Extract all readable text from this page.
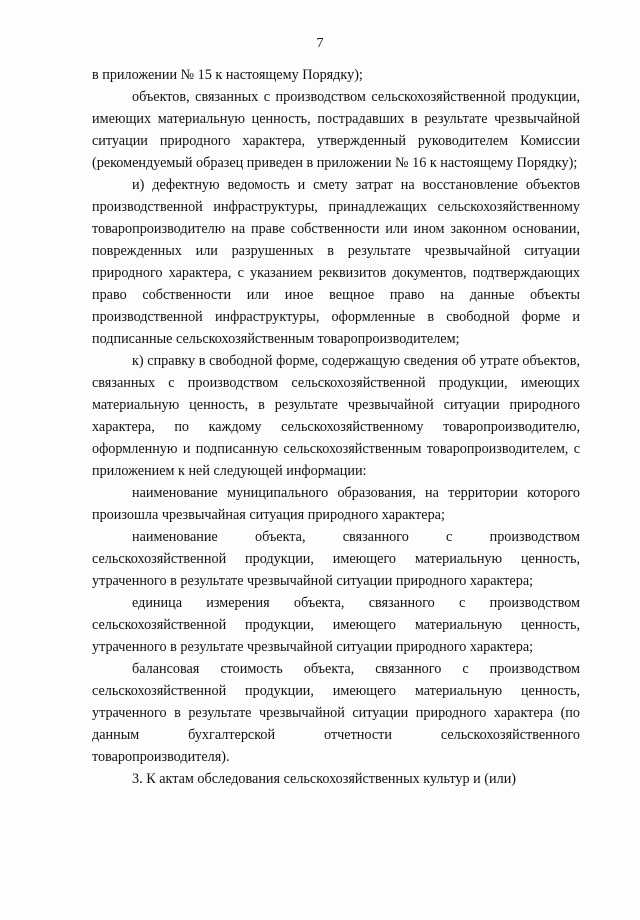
7

в приложении № 15 к настоящему Порядку);

объектов, связанных с производством сельскохозяйственной продукции, имеющих материальную ценность, пострадавших в результате чрезвычайной ситуации природного характера, утвержденный руководителем Комиссии (рекомендуемый образец приведен в приложении № 16 к настоящему Порядку);

и) дефектную ведомость и смету затрат на восстановление объектов производственной инфраструктуры, принадлежащих сельскохозяйственному товаропроизводителю на праве собственности или ином законном основании, поврежденных или разрушенных в результате чрезвычайной ситуации природного характера, с указанием реквизитов документов, подтверждающих право собственности или иное вещное право на данные объекты производственной инфраструктуры, оформленные в свободной форме и подписанные сельскохозяйственным товаропроизводителем;

к) справку в свободной форме, содержащую сведения об утрате объектов, связанных с производством сельскохозяйственной продукции, имеющих материальную ценность, в результате чрезвычайной ситуации природного характера, по каждому сельскохозяйственному товаропроизводителю, оформленную и подписанную сельскохозяйственным товаропроизводителем, с приложением к ней следующей информации:

наименование муниципального образования, на территории которого произошла чрезвычайная ситуация природного характера;

наименование объекта, связанного с производством сельскохозяйственной продукции, имеющего материальную ценность, утраченного в результате чрезвычайной ситуации природного характера;

единица измерения объекта, связанного с производством сельскохозяйственной продукции, имеющего материальную ценность, утраченного в результате чрезвычайной ситуации природного характера;

балансовая стоимость объекта, связанного с производством сельскохозяйственной продукции, имеющего материальную ценность, утраченного в результате чрезвычайной ситуации природного характера (по данным бухгалтерской отчетности сельскохозяйственного товаропроизводителя).

3. К актам обследования сельскохозяйственных культур и (или)
